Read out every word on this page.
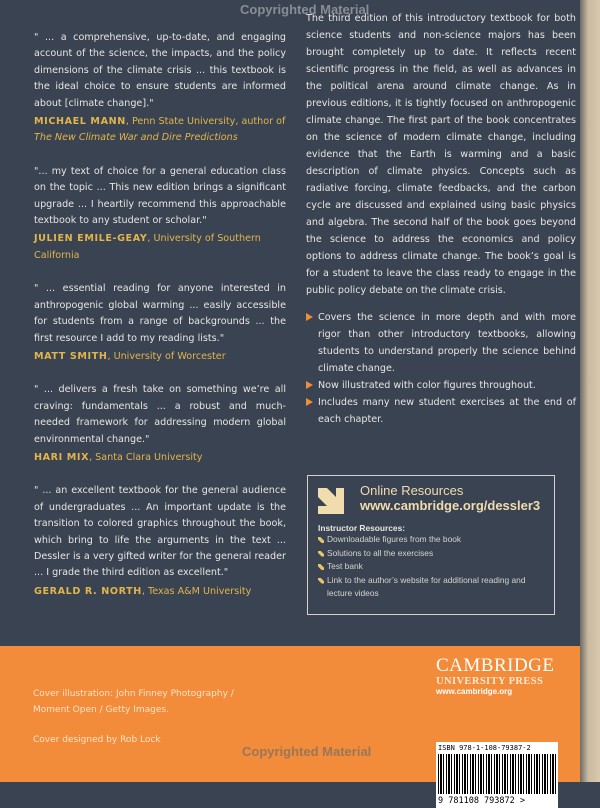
Copyrighted Material

" ... a comprehensive, up-to-date, and engaging account of the science, the impacts, and the policy dimensions of the climate crisis ... this textbook is the ideal choice to ensure students are informed about [climate change]."

MICHAEL MANN, Penn State University, author of
The New Climate War and Dire Predictions

"... my text of choice for a general education class on the topic ... This new edition brings a significant upgrade ... I heartily recommend this approachable textbook to any student or scholar."

JULIEN EMILE-GEAY, University of Southern California

" ... essential reading for anyone interested in anthropogenic global warming ... easily accessible for students from a range of backgrounds ... the first resource I add to my reading lists."

MATT SMITH, University of Worcester

" ... delivers a fresh take on something we’re all craving: fundamentals ... a robust and much-needed framework for addressing modern global environmental change."

HARI MIX, Santa Clara University

" ... an excellent textbook for the general audience of undergraduates ... An important update is the transition to colored graphics throughout the book, which bring to life the arguments in the text ... Dessler is a very gifted writer for the general reader ... I grade the third edition as excellent."

GERALD R. NORTH, Texas A&M University

The third edition of this introductory textbook for both science students and non-science majors has been brought completely up to date. It reflects recent scientific progress in the field, as well as advances in the political arena around climate change. As in previous editions, it is tightly focused on anthropogenic climate change. The first part of the book concentrates on the science of modern climate change, including evidence that the Earth is warming and a basic description of climate physics. Concepts such as radiative forcing, climate feedbacks, and the carbon cycle are discussed and explained using basic physics and algebra. The second half of the book goes beyond the science to address the economics and policy options to address climate change. The book’s goal is for a student to leave the class ready to engage in the public policy debate on the climate crisis.

Covers the science in more depth and with more rigor than other introductory textbooks, allowing students to understand properly the science behind climate change.
Now illustrated with color figures throughout.
Includes many new student exercises at the end of each chapter.
Online Resources
www.cambridge.org/dessler3
Instructor Resources:
Downloadable figures from the book
Solutions to all the exercises
Test bank
Link to the author’s website for additional reading and lecture videos
Cover illustration: John Finney Photography / Moment Open / Getty Images.
Cover designed by Rob Lock
Copyrighted Material
CAMBRIDGE
UNIVERSITY PRESS
www.cambridge.org
ISBN 978-1-108-79387-2
9 781108 793872 >
